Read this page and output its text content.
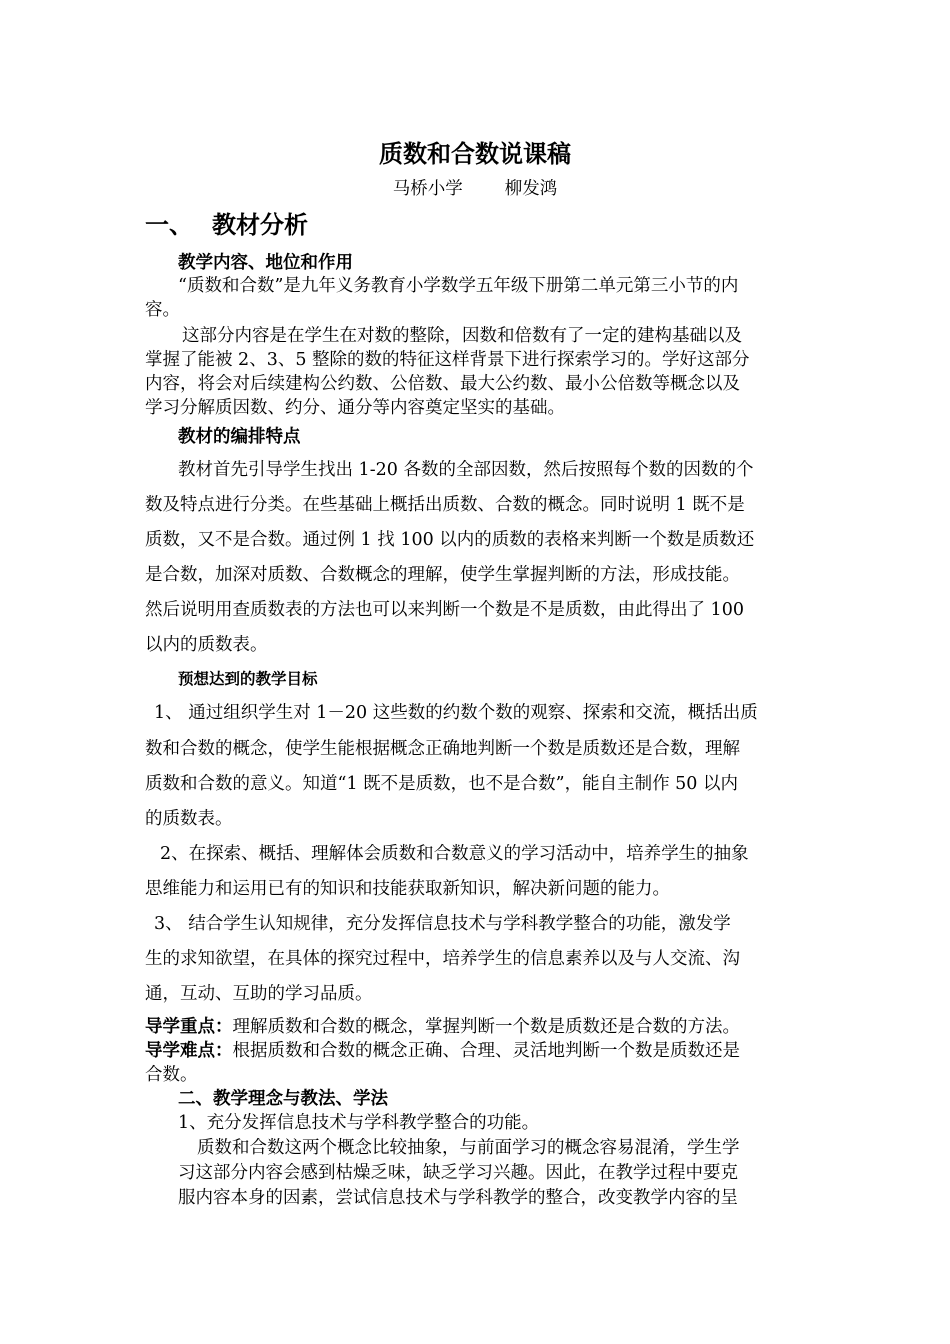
质数和合数说课稿
马桥小学 柳发鸿
一、 教材分析
教学内容、地位和作用
“质数和合数”是九年义务教育小学数学五年级下册第二单元第三小节的内
容。
这部分内容是在学生在对数的整除，因数和倍数有了一定的建构基础以及
掌握了能被 2、3、5 整除的数的特征这样背景下进行探索学习的。学好这部分
内容，将会对后续建构公约数、公倍数、最大公约数、最小公倍数等概念以及
学习分解质因数、约分、通分等内容奠定坚实的基础。
教材的编排特点
教材首先引导学生找出 1-20 各数的全部因数，然后按照每个数的因数的个
数及特点进行分类。在些基础上概括出质数、合数的概念。同时说明 1 既不是
质数，又不是合数。通过例 1 找 100 以内的质数的表格来判断一个数是质数还
是合数，加深对质数、合数概念的理解，使学生掌握判断的方法，形成技能。
然后说明用查质数表的方法也可以来判断一个数是不是质数，由此得出了 100
以内的质数表。
预想达到的教学目标
1、 通过组织学生对 1－20 这些数的约数个数的观察、探索和交流，概括出质
数和合数的概念，使学生能根据概念正确地判断一个数是质数还是合数，理解
质数和合数的意义。知道“1 既不是质数，也不是合数”，能自主制作 50 以内
的质数表。
2、在探索、概括、理解体会质数和合数意义的学习活动中，培养学生的抽象
思维能力和运用已有的知识和技能获取新知识，解决新问题的能力。
3、 结合学生认知规律，充分发挥信息技术与学科教学整合的功能，激发学
生的求知欲望，在具体的探究过程中，培养学生的信息素养以及与人交流、沟
通，互动、互助的学习品质。
导学重点：理解质数和合数的概念，掌握判断一个数是质数还是合数的方法。
导学难点：根据质数和合数的概念正确、合理、灵活地判断一个数是质数还是
合数。
二、教学理念与教法、学法
1、充分发挥信息技术与学科教学整合的功能。
质数和合数这两个概念比较抽象，与前面学习的概念容易混淆，学生学
习这部分内容会感到枯燥乏味，缺乏学习兴趣。因此，在教学过程中要克
服内容本身的因素，尝试信息技术与学科教学的整合，改变教学内容的呈
